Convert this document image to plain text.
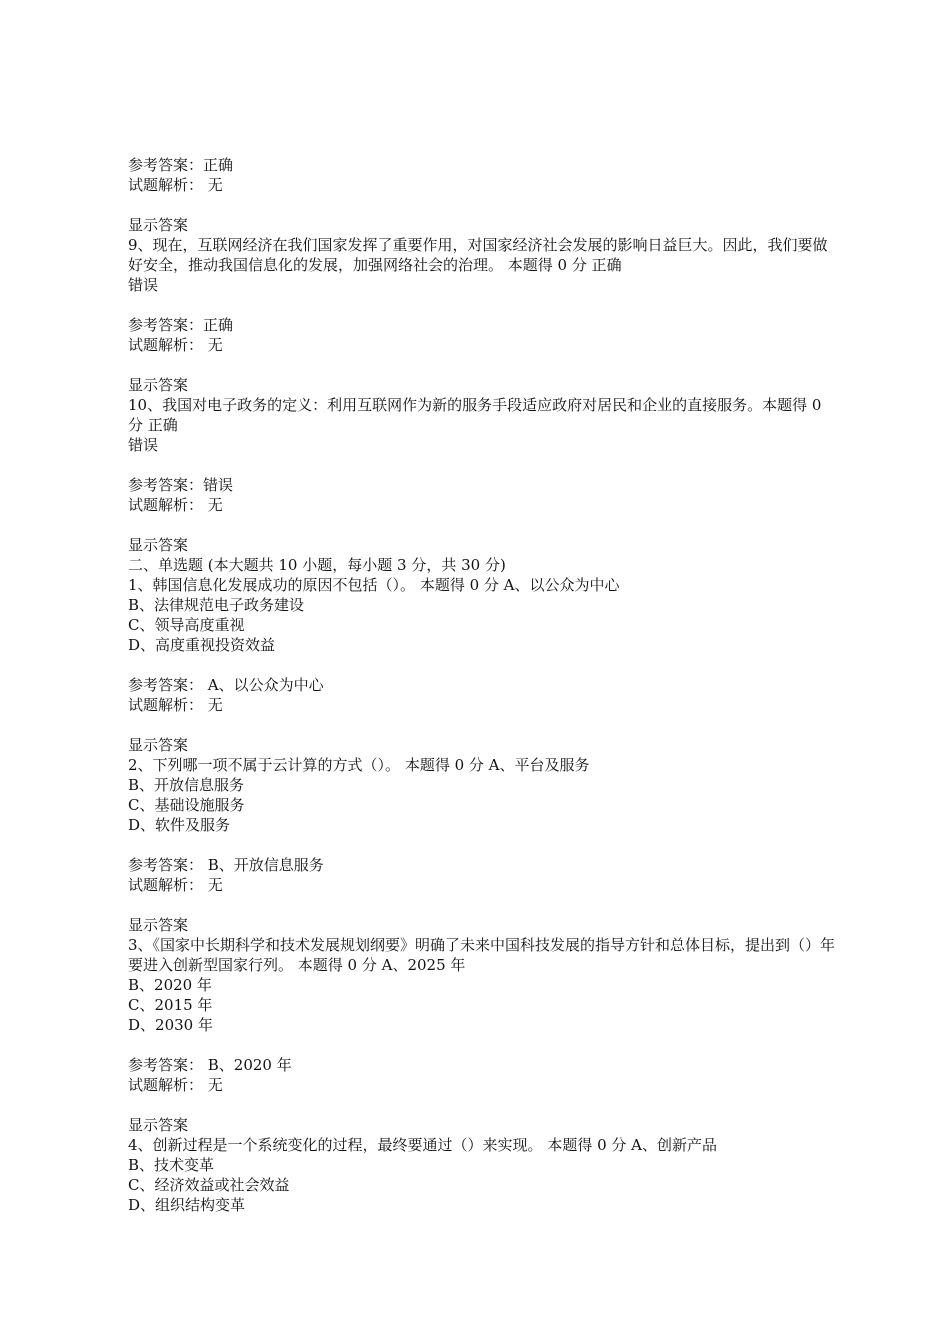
参考答案：正确

试题解析： 无

显示答案

9、现在，互联网经济在我们国家发挥了重要作用，对国家经济社会发展的影响日益巨大。因此，我们要做好安全，推动我国信息化的发展，加强网络社会的治理。 本题得 0 分 正确

错误

参考答案：正确

试题解析： 无

显示答案

10、我国对电子政务的定义：利用互联网作为新的服务手段适应政府对居民和企业的直接服务。本题得 0 分 正确

错误

参考答案：错误

试题解析： 无

显示答案

二、单选题 (本大题共 10 小题，每小题 3 分，共 30 分)

1、韩国信息化发展成功的原因不包括（）。 本题得 0 分 A、以公众为中心

B、法律规范电子政务建设

C、领导高度重视

D、高度重视投资效益

参考答案： A、以公众为中心

试题解析： 无

显示答案

2、下列哪一项不属于云计算的方式（）。 本题得 0 分 A、平台及服务

B、开放信息服务

C、基础设施服务

D、软件及服务

参考答案： B、开放信息服务

试题解析： 无

显示答案

3、《国家中长期科学和技术发展规划纲要》明确了未来中国科技发展的指导方针和总体目标，提出到（）年要进入创新型国家行列。 本题得 0 分 A、2025 年

B、2020 年

C、2015 年

D、2030 年

参考答案： B、2020 年

试题解析： 无

显示答案

4、创新过程是一个系统变化的过程，最终要通过（）来实现。 本题得 0 分 A、创新产品

B、技术变革

C、经济效益或社会效益

D、组织结构变革
